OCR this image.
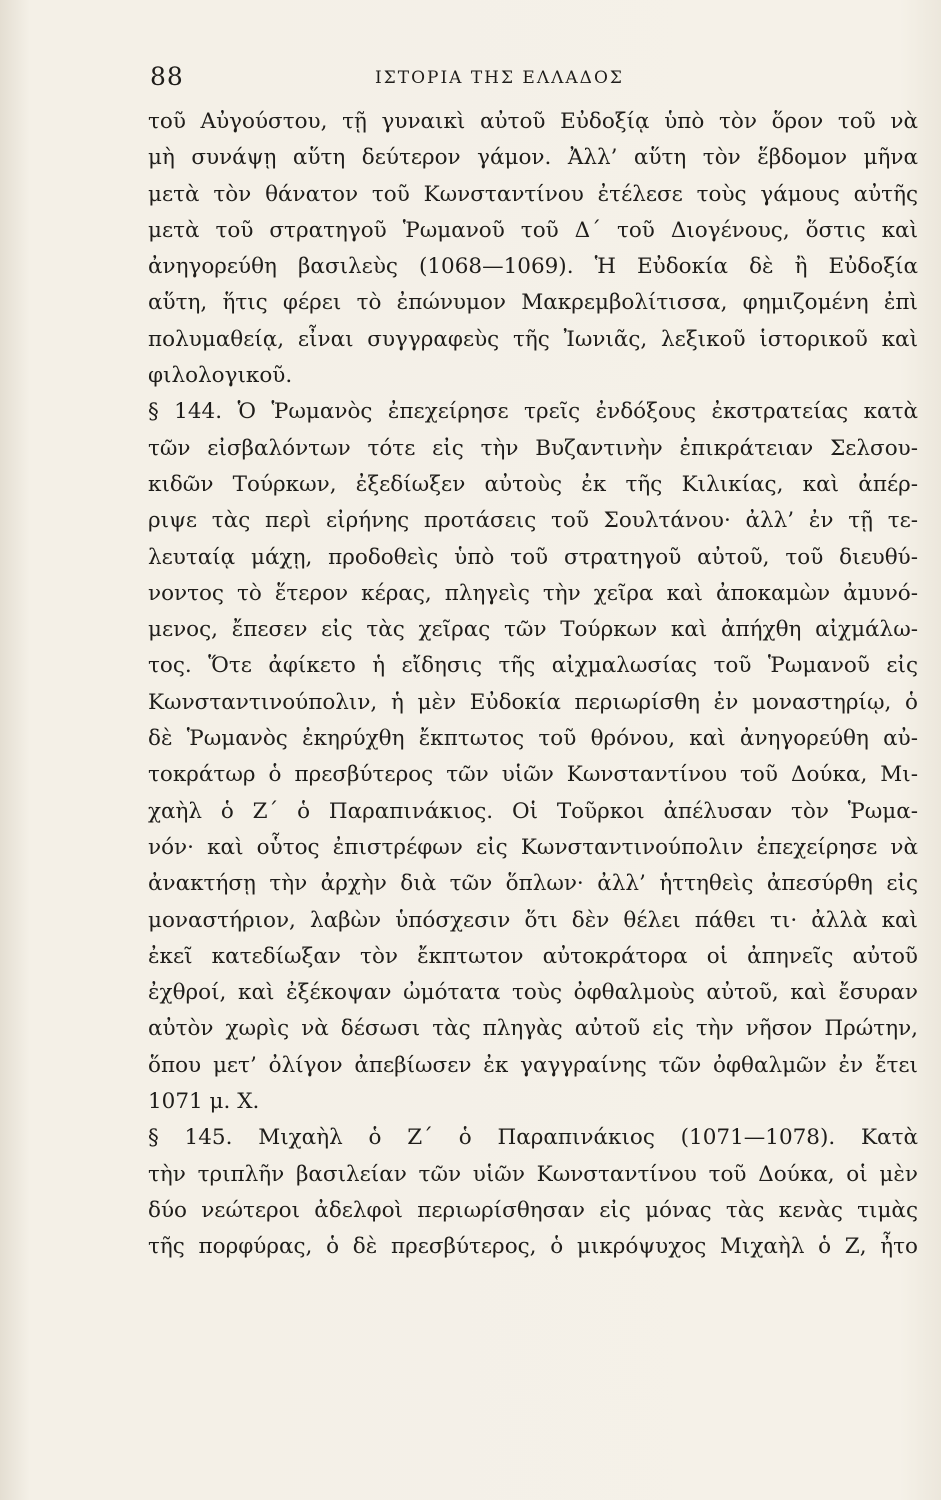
88	ΙΣΤΟΡΙΑ ΤΗΣ ΕΛΛΑΔΟΣ
τοῦ Αὐγούστου, τῇ γυναικὶ αὐτοῦ Εὐδοξίᾳ ὑπὸ τὸν ὅρον τοῦ νὰ
μὴ συνάψῃ αὕτη δεύτερον γάμον. Ἀλλ’ αὕτη τὸν ἕβδομον μῆνα
μετὰ τὸν θάνατον τοῦ Κωνσταντίνου ἐτέλεσε τοὺς γάμους αὐτῆς
μετὰ τοῦ στρατηγοῦ Ῥωμανοῦ τοῦ Δ΄ τοῦ Διογένους, ὅστις καὶ
ἀνηγορεύθη βασιλεὺς (1068—1069). Ἡ Εὐδοκία δὲ ἢ Εὐδοξία
αὕτη, ἥτις φέρει τὸ ἐπώνυμον Μακρεμβολίτισσα, φημιζομένη ἐπὶ
πολυμαθείᾳ, εἶναι συγγραφεὺς τῆς Ἰωνιᾶς, λεξικοῦ ἱστορικοῦ καὶ
φιλολογικοῦ.
§ 144. Ὁ Ῥωμανὸς ἐπεχείρησε τρεῖς ἐνδόξους ἐκστρατείας κατὰ
τῶν εἰσβαλόντων τότε εἰς τὴν Βυζαντινὴν ἐπικράτειαν Σελσου-
κιδῶν Τούρκων, ἐξεδίωξεν αὐτοὺς ἐκ τῆς Κιλικίας, καὶ ἀπέρ-
ριψε τὰς περὶ εἰρήνης προτάσεις τοῦ Σουλτάνου· ἀλλ’ ἐν τῇ τε-
λευταίᾳ μάχῃ, προδοθεὶς ὑπὸ τοῦ στρατηγοῦ αὐτοῦ, τοῦ διευθύ-
νοντος τὸ ἕτερον κέρας, πληγεὶς τὴν χεῖρα καὶ ἀποκαμὼν ἀμυνό-
μενος, ἔπεσεν εἰς τὰς χεῖρας τῶν Τούρκων καὶ ἀπήχθη αἰχμάλω-
τος. Ὅτε ἀφίκετο ἡ εἴδησις τῆς αἰχμαλωσίας τοῦ Ῥωμανοῦ εἰς
Κωνσταντινούπολιν, ἡ μὲν Εὐδοκία περιωρίσθη ἐν μοναστηρίῳ, ὁ
δὲ Ῥωμανὸς ἐκηρύχθη ἔκπτωτος τοῦ θρόνου, καὶ ἀνηγορεύθη αὐ-
τοκράτωρ ὁ πρεσβύτερος τῶν υἱῶν Κωνσταντίνου τοῦ Δούκα, Μι-
χαὴλ ὁ Ζ΄ ὁ Παραπινάκιος. Οἱ Τοῦρκοι ἀπέλυσαν τὸν Ῥωμα-
νόν· καὶ οὗτος ἐπιστρέφων εἰς Κωνσταντινούπολιν ἐπεχείρησε νὰ
ἀνακτήσῃ τὴν ἀρχὴν διὰ τῶν ὅπλων· ἀλλ’ ἡττηθεὶς ἀπεσύρθη εἰς
μοναστήριον, λαβὼν ὑπόσχεσιν ὅτι δὲν θέλει πάθει τι· ἀλλὰ καὶ
ἐκεῖ κατεδίωξαν τὸν ἔκπτωτον αὐτοκράτορα οἱ ἀπηνεῖς αὐτοῦ
ἐχθροί, καὶ ἐξέκοψαν ὠμότατα τοὺς ὀφθαλμοὺς αὐτοῦ, καὶ ἔσυραν
αὐτὸν χωρὶς νὰ δέσωσι τὰς πληγὰς αὐτοῦ εἰς τὴν νῆσον Πρώτην,
ὅπου μετ’ ὀλίγον ἀπεβίωσεν ἐκ γαγγραίνης τῶν ὀφθαλμῶν ἐν ἔτει
1071 μ. Χ.
§ 145. Μιχαὴλ ὁ Ζ΄ ὁ Παραπινάκιος (1071—1078). Κατὰ
τὴν τριπλῆν βασιλείαν τῶν υἱῶν Κωνσταντίνου τοῦ Δούκα, οἱ μὲν
δύο νεώτεροι ἀδελφοὶ περιωρίσθησαν εἰς μόνας τὰς κενὰς τιμὰς
τῆς πορφύρας, ὁ δὲ πρεσβύτερος, ὁ μικρόψυχος Μιχαὴλ ὁ Ζ, ἦτο
